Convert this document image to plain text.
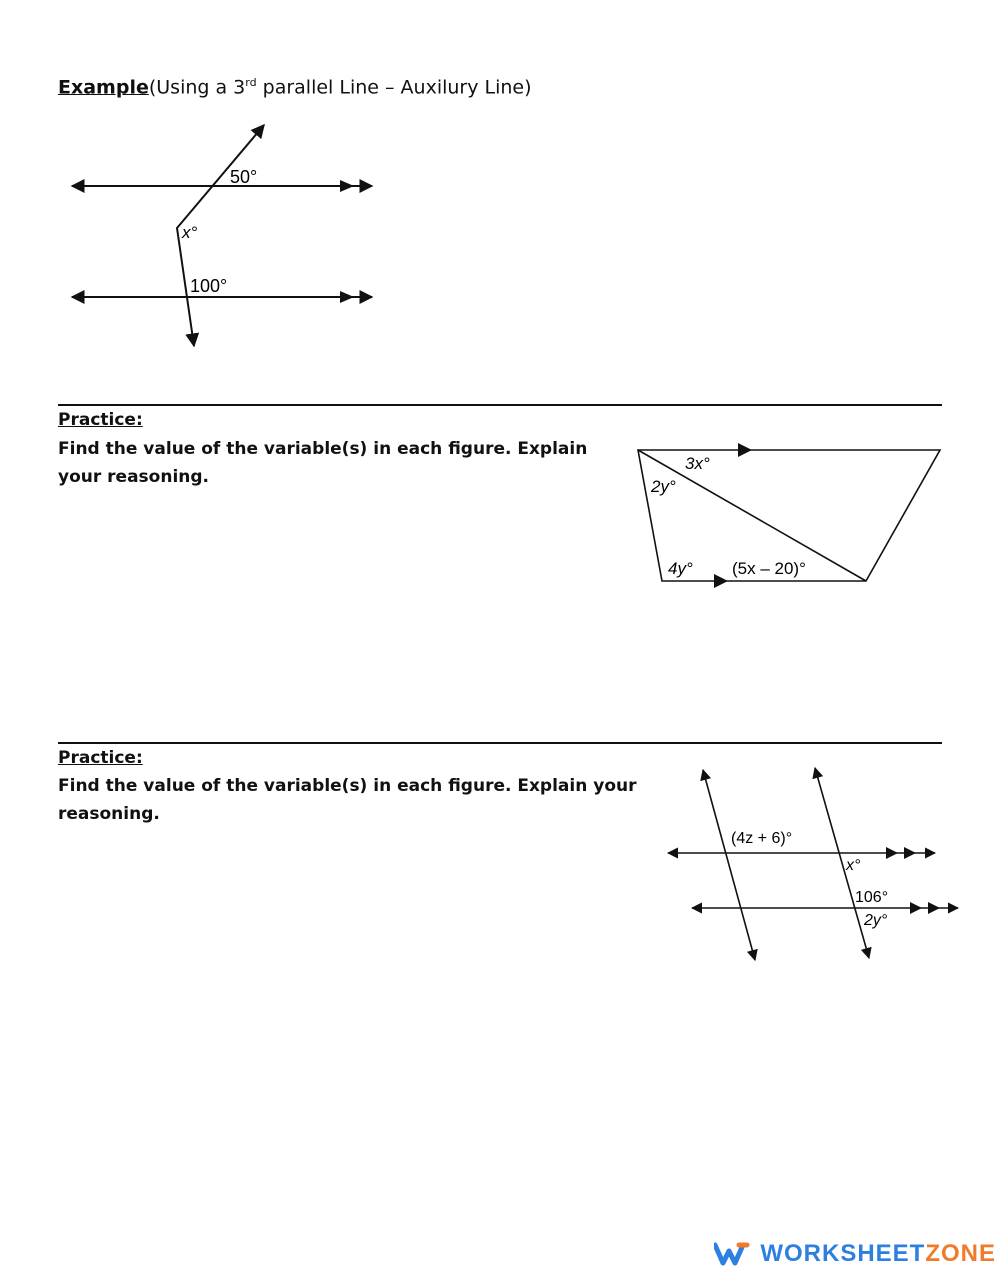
Example(Using a 3rd parallel Line – Auxilury Line)
50°
x°
100°
Practice:
Find the value of the variable(s) in each figure. Explain your reasoning.
3x°
2y°
4y° (5x – 20)°
Practice:
Find the value of the variable(s) in each figure. Explain your reasoning.
(4z + 6)°
x°
106°
2y°
WORKSHEETZONE
